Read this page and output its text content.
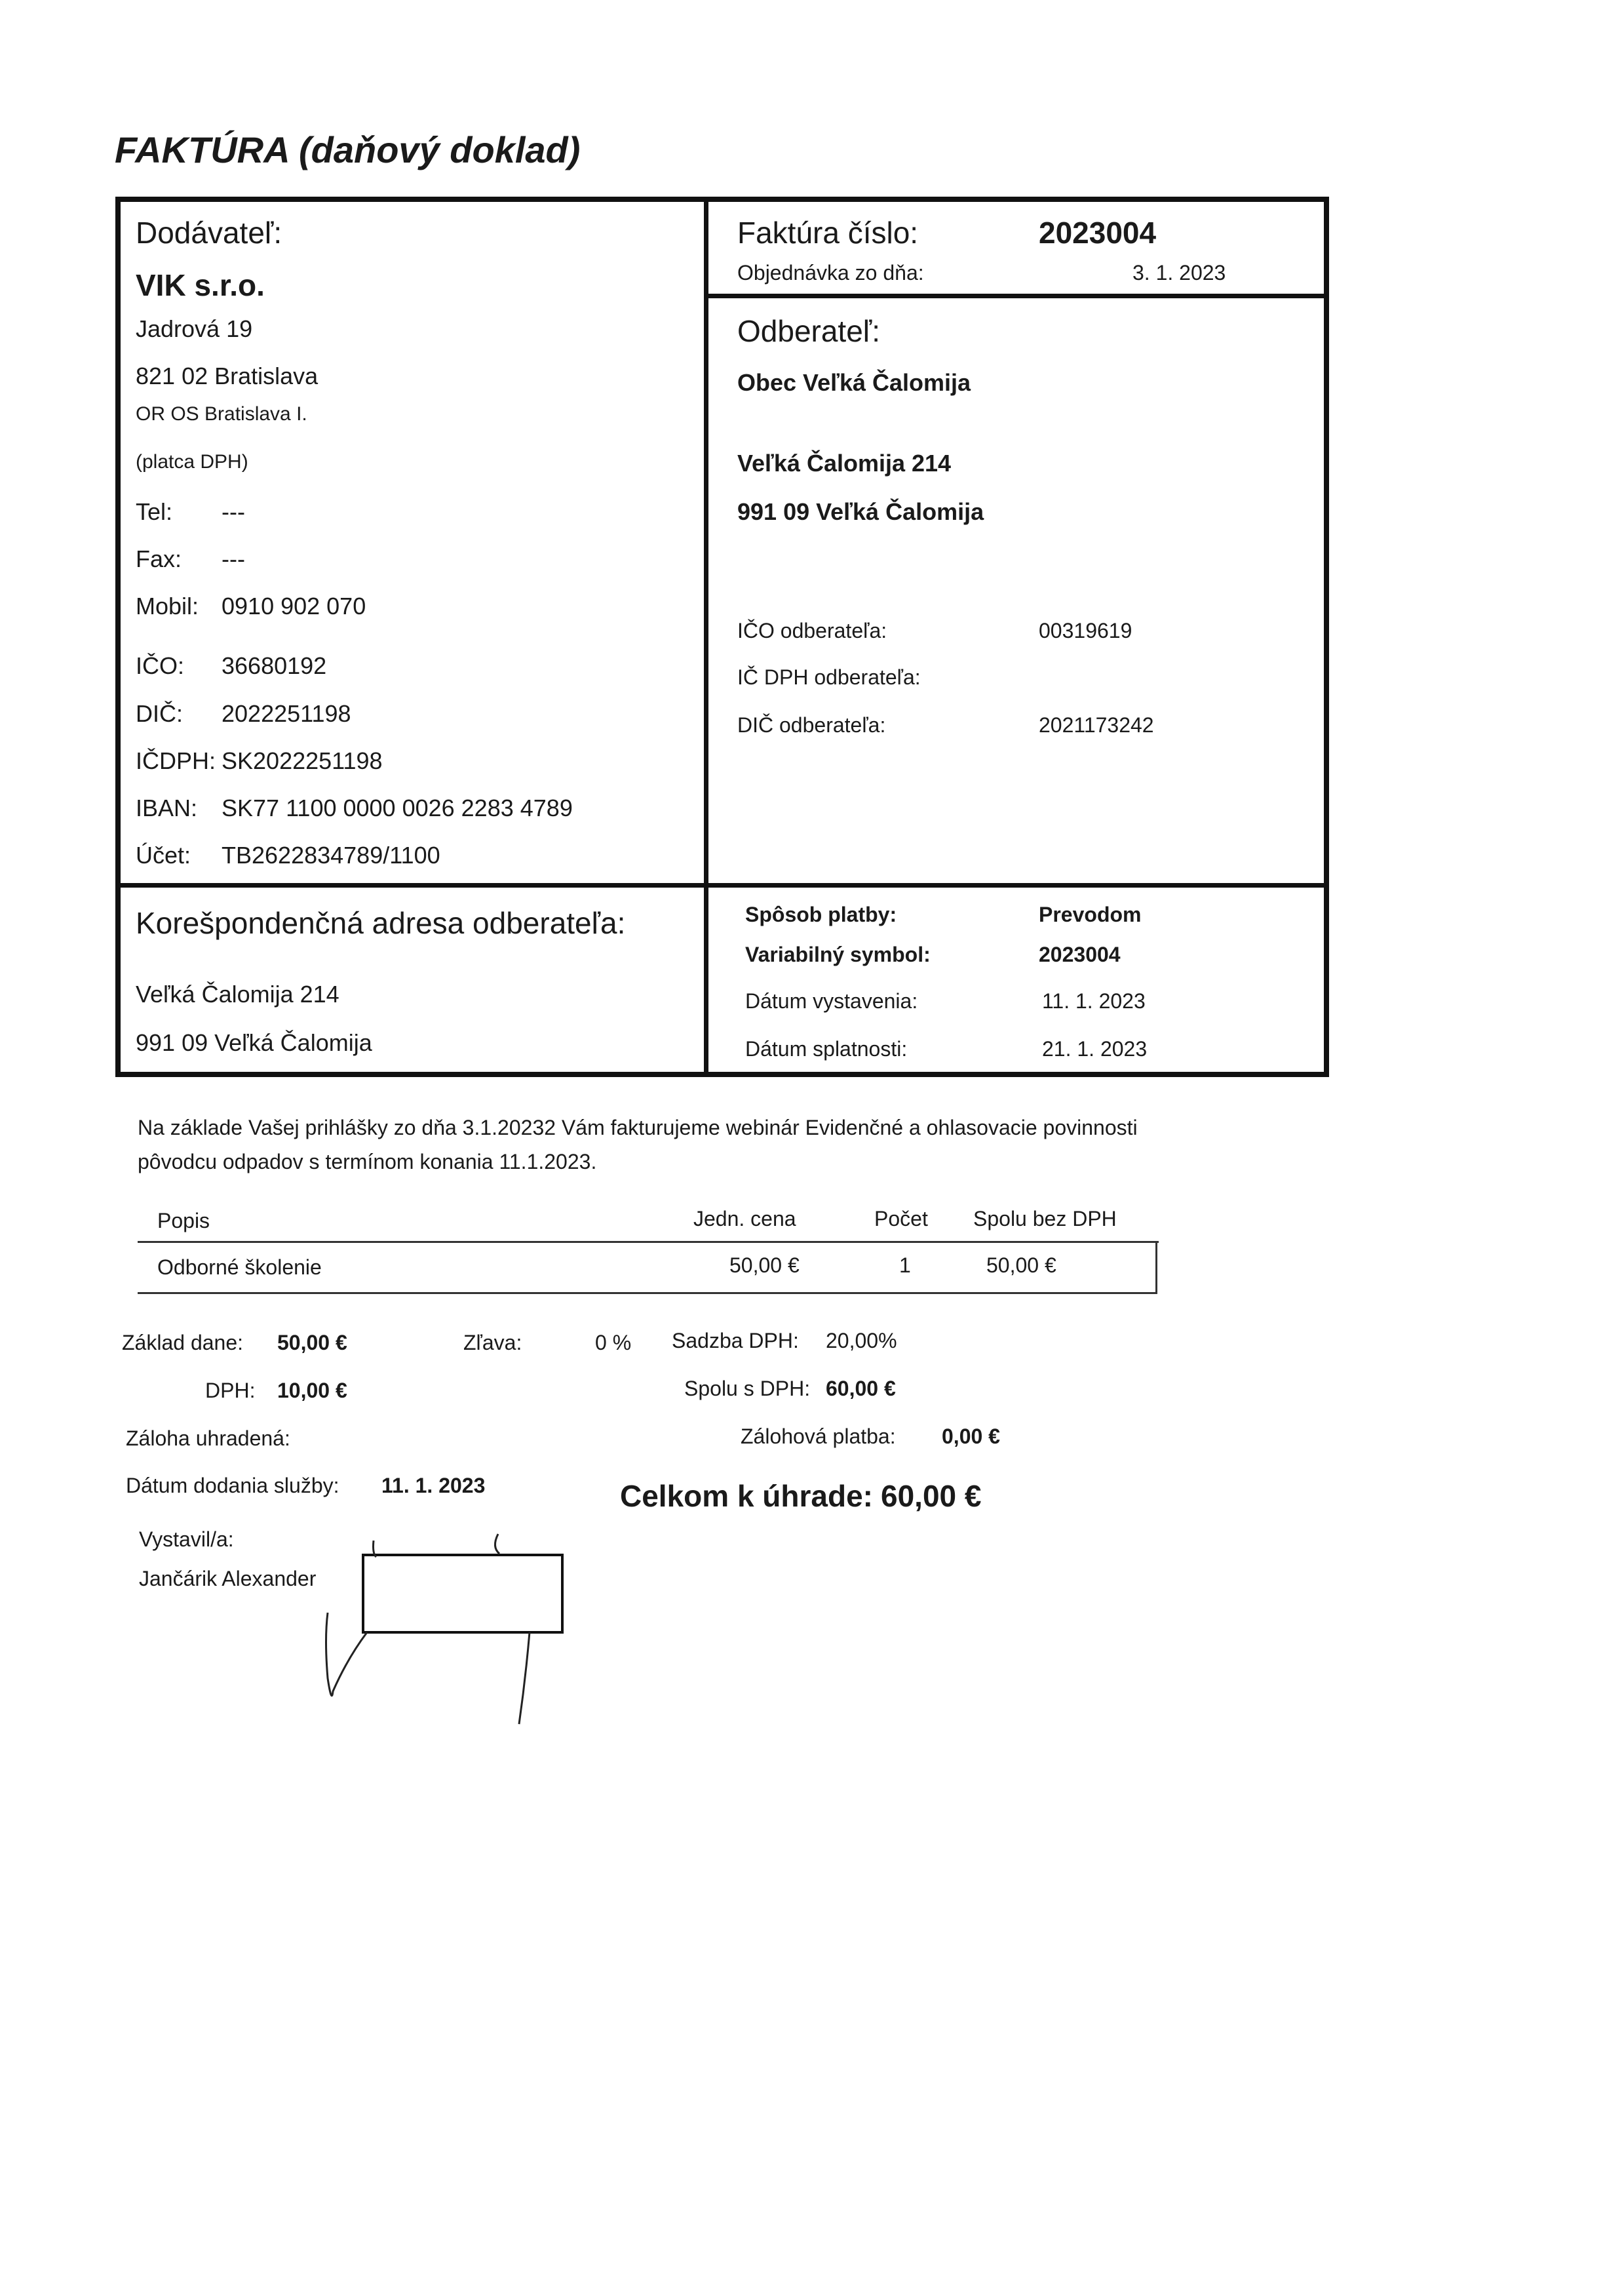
FAKTÚRA (daňový doklad)
Dodávateľ:
VIK s.r.o.
Jadrová 19
821 02 Bratislava
OR OS Bratislava I.
(platca DPH)
Tel: ---
Fax: ---
Mobil: 0910 902 070
IČO: 36680192
DIČ: 2022251198
IČDPH: SK2022251198
IBAN: SK77 1100 0000 0026 2283 4789
Účet: TB2622834789/1100
Faktúra číslo:	2023004
Objednávka zo dňa:	3. 1. 2023
Odberateľ:
Obec Veľká Čalomija
Veľká Čalomija 214
991 09 Veľká Čalomija
IČO odberateľa:	00319619
IČ DPH odberateľa:
DIČ odberateľa:	2021173242
Korešpondenčná adresa odberateľa:
Veľká Čalomija 214
991 09 Veľká Čalomija
Spôsob platby:	Prevodom
Variabilný symbol:	2023004
Dátum vystavenia:	11. 1. 2023
Dátum splatnosti:	21. 1. 2023
Na základe Vašej prihlášky zo dňa 3.1.20232 Vám fakturujeme webinár Evidenčné a ohlasovacie povinnosti
pôvodcu odpadov s termínom konania 11.1.2023.
Popis	Jedn. cena	Počet Spolu bez DPH
Odborné školenie	50,00 €	1	50,00 €
Základ dane: 50,00 €	Zľava:	0 % Sadzba DPH: 20,00%
DPH: 10,00 €	Spolu s DPH: 60,00 €
Záloha uhradená:	Zálohová platba: 0,00 €
Dátum dodania služby: 11. 1. 2023	Celkom k úhrade: 60,00 €
Vystavil/a:
Jančárik Alexander
